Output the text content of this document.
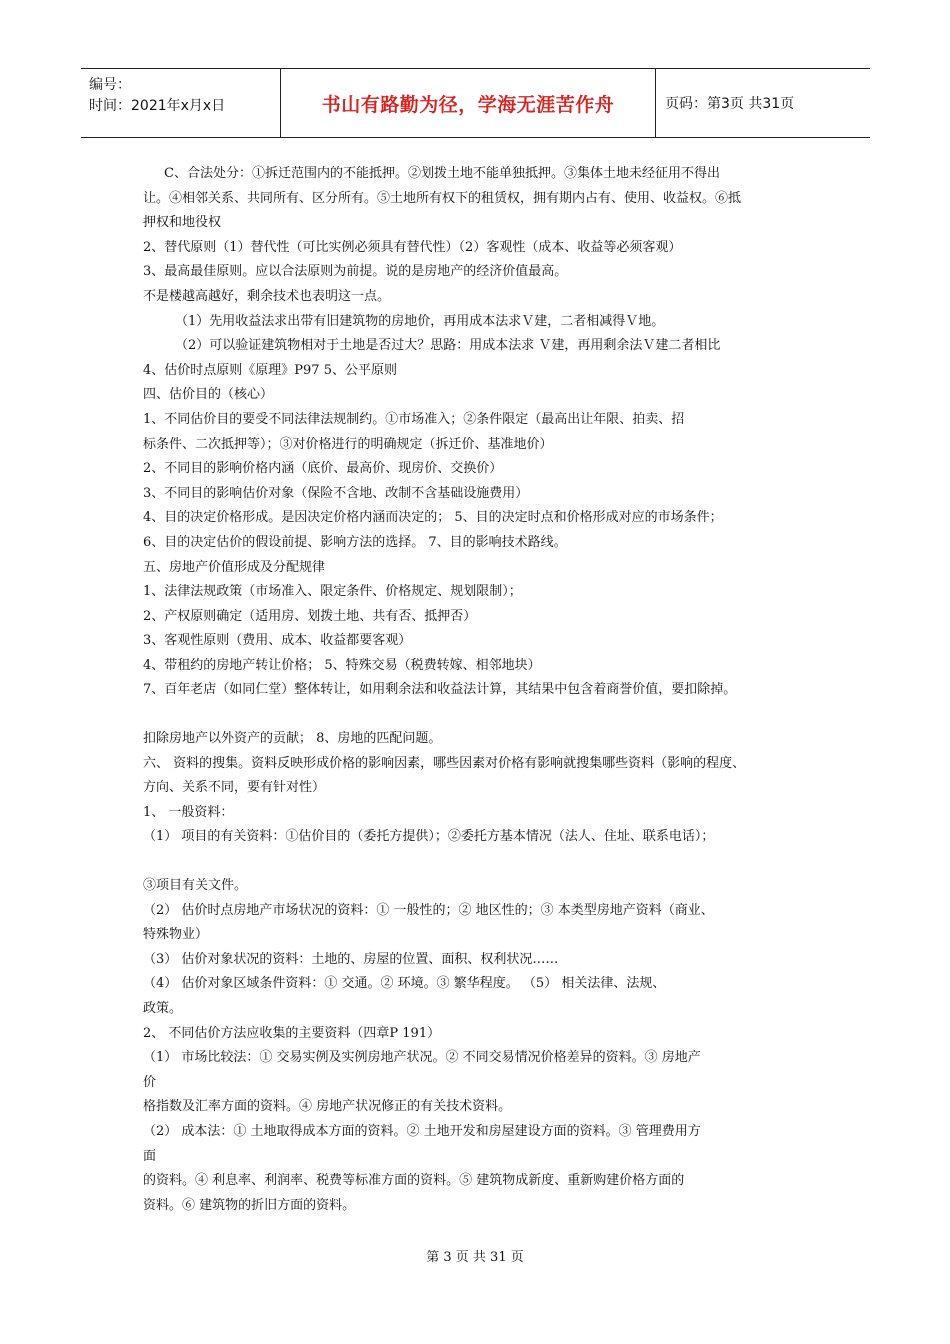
编号：
时间：2021年x月x日	书山有路勤为径，学海无涯苦作舟	页码：第3页 共31页

C、合法处分：①拆迁范围内的不能抵押。②划拨土地不能单独抵押。③集体土地未经征用不得出

让。④相邻关系、共同所有、区分所有。⑤土地所有权下的租赁权，拥有期内占有、使用、收益权。⑥抵

押权和地役权

2、替代原则（1）替代性（可比实例必须具有替代性）（2）客观性（成本、收益等必须客观）

3、最高最佳原则。应以合法原则为前提。说的是房地产的经济价值最高。

不是楼越高越好，剩余技术也表明这一点。

（1）先用收益法求出带有旧建筑物的房地价，再用成本法求Ｖ建，二者相减得Ｖ地。

（2）可以验证建筑物相对于土地是否过大？思路：用成本法求 Ｖ建，再用剩余法Ｖ建二者相比

4、估价时点原则《原理》P97 5、公平原则

四、估价目的（核心）

1、不同估价目的要受不同法律法规制约。①市场准入；②条件限定（最高出让年限、拍卖、招

标条件、二次抵押等）；③对价格进行的明确规定（拆迁价、基准地价）

2、不同目的影响价格内涵（底价、最高价、现房价、交换价）

3、不同目的影响估价对象（保险不含地、改制不含基础设施费用）

4、目的决定价格形成。是因决定价格内涵而决定的； 5、目的决定时点和价格形成对应的市场条件；

6、目的决定估价的假设前提、影响方法的选择。 7、目的影响技术路线。

五、房地产价值形成及分配规律

1、法律法规政策（市场准入、限定条件、价格规定、规划限制）；

2、产权原则确定（适用房、划拨土地、共有否、抵押否）

3、客观性原则（费用、成本、收益都要客观）

4、带租约的房地产转让价格； 5、特殊交易（税费转嫁、相邻地块）

7、百年老店（如同仁堂）整体转让，如用剩余法和收益法计算，其结果中包含着商誉价值，要扣除掉。

扣除房地产以外资产的贡献； 8、房地的匹配问题。

六、 资料的搜集。资料反映形成价格的影响因素，哪些因素对价格有影响就搜集哪些资料（影响的程度、

方向、关系不同，要有针对性）

1、 一般资料：

（1） 项目的有关资料：①估价目的（委托方提供）；②委托方基本情况（法人、住址、联系电话）；

③项目有关文件。

（2） 估价时点房地产市场状况的资料：① 一般性的；② 地区性的；③ 本类型房地产资料（商业、

特殊物业）

（3） 估价对象状况的资料：土地的、房屋的位置、面积、权利状况……

（4） 估价对象区域条件资料：① 交通。② 环境。③ 繁华程度。 （5） 相关法律、法规、

政策。

2、 不同估价方法应收集的主要资料（四章P 191）

（1） 市场比较法：① 交易实例及实例房地产状况。② 不同交易情况价格差异的资料。③ 房地产

价

格指数及汇率方面的资料。④ 房地产状况修正的有关技术资料。

（2） 成本法：① 土地取得成本方面的资料。② 土地开发和房屋建设方面的资料。③ 管理费用方

面

的资料。④ 利息率、利润率、税费等标准方面的资料。⑤ 建筑物成新度、重新购建价格方面的

资料。⑥ 建筑物的折旧方面的资料。

第 3 页 共 31 页
